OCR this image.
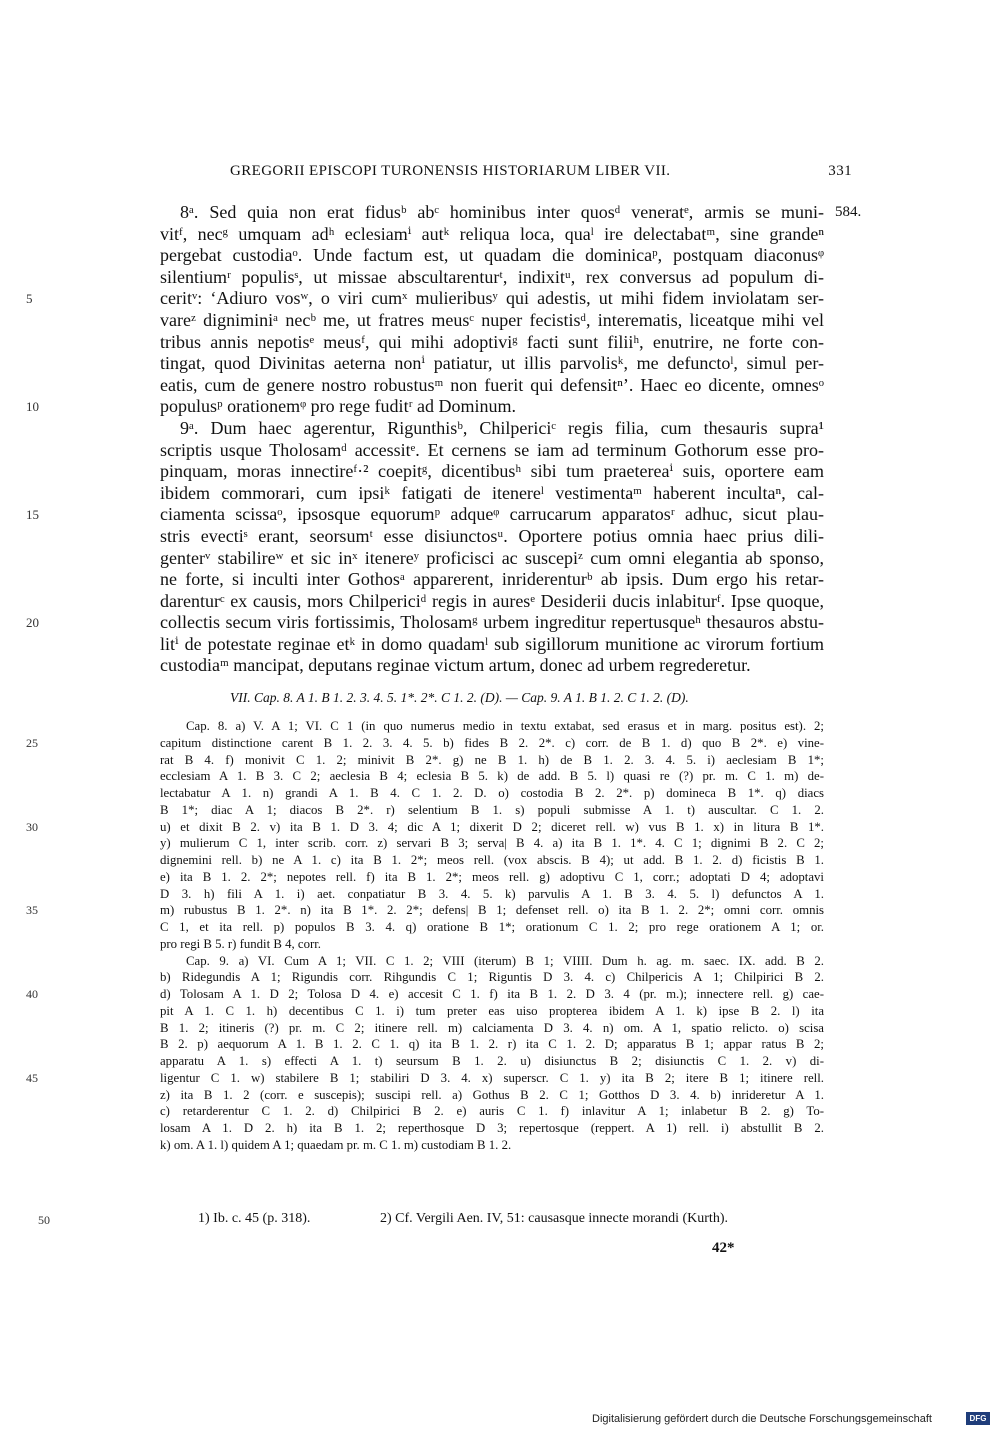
GREGORII EPISCOPI TURONENSIS HISTORIARUM LIBER VII.	331
584.
8ᵃ. Sed quia non erat fidusᵇ abᶜ hominibus inter quosᵈ veneratᵉ, armis se muni-
vitᶠ, necᵍ umquam adʰ eclesiamⁱ autᵏ reliqua loca, quaˡ ire delectabatᵐ, sine grandeⁿ
pergebat custodiaᵒ. Unde factum est, ut quadam die dominicaᵖ, postquam diaconusᵠ
silentiumʳ populisˢ, ut missae abscultarenturᵗ, indixitᵘ, rex conversus ad populum di-
5	ceritᵛ: ʻAdiuro vosʷ, o viri cumˣ mulieribusʸ qui adestis, ut mihi fidem inviolatam ser-
vareᶻ digniminiᵃ necᵇ me, ut fratres meusᶜ nuper fecistisᵈ, interematis, liceatque mihi vel
tribus annis nepotisᵉ meusᶠ, qui mihi adoptiviᵍ facti sunt filiiʰ, enutrire, ne forte con-
tingat, quod Divinitas aeterna nonⁱ patiatur, ut illis parvolisᵏ, me defunctoˡ, simul per-
eatis, cum de genere nostro robustusᵐ non fuerit qui defensitⁿʼ. Haec eo dicente, omnesᵒ
10	populusᵖ orationemᵠ pro rege fuditʳ ad Dominum.
9ᵃ. Dum haec agerentur, Rigunthisᵇ, Chilpericiᶜ regis filia, cum thesauris supra¹
scriptis usque Tholosamᵈ accessitᵉ. Et cernens se iam ad terminum Gothorum esse pro-
pinquam, moras innectireᶠ·² coepitᵍ, dicentibusʰ sibi tum praetereaⁱ suis, oportere eam
ibidem commorari, cum ipsiᵏ fatigati de itenereˡ vestimentaᵐ haberent incultaⁿ, cal-
15	ciamenta scissaᵒ, ipsosque equorumᵖ adqueᵠ carrucarum apparatosʳ adhuc, sicut plau-
stris evectiˢ erant, seorsumᵗ esse disiunctosᵘ. Oportere potius omnia haec prius dili-
genterᵛ stabilireʷ et sic inˣ itenereʸ proficisci ac suscepiᶻ cum omni elegantia ab sponso,
ne forte, si inculti inter Gothosᵃ apparerent, inriderenturᵇ ab ipsis. Dum ergo his retar-
darenturᶜ ex causis, mors Chilpericiᵈ regis in auresᵉ Desiderii ducis inlabiturᶠ. Ipse quoque,
20	collectis secum viris fortissimis, Tholosamᵍ urbem ingreditur repertusqueʰ thesauros abstu-
litⁱ de potestate reginae etᵏ in domo quadamˡ sub sigillorum munitione ac virorum fortium
custodiaᵐ mancipat, deputans reginae victum artum, donec ad urbem regrederetur.
VII. Cap. 8. A 1. B 1. 2. 3. 4. 5. 1*. 2*. C 1. 2. (D). — Cap. 9. A 1. B 1. 2. C 1. 2. (D).
Cap. 8. a) V. A 1; VI. C 1 (in quo numerus medio in textu extabat, sed erasus et in marg. positus est). 2;
25	capitum distinctione carent B 1. 2. 3. 4. 5. b) fides B 2. 2*. c) corr. de B 1. d) quo B 2*. e) vine-
rat B 4. f) monivit C 1. 2; minivit B 2*. g) ne B 1. h) de B 1. 2. 3. 4. 5. i) aeclesiam B 1*;
ecclesiam A 1. B 3. C 2; aeclesia B 4; eclesia B 5. k) de add. B 5. l) quasi re (?) pr. m. C 1. m) de-
lectabatur A 1. n) grandi A 1. B 4. C 1. 2. D. o) costodia B 2. 2*. p) domineca B 1*. q) diacs
B 1*; diac A 1; diacos B 2*. r) selentium B 1. s) populi submisse A 1. t) auscultar. C 1. 2.
30	u) et dixit B 2. v) ita B 1. D 3. 4; dic A 1; dixerit D 2; diceret rell. w) vus B 1. x) in litura B 1*.
y) mulierum C 1, inter scrib. corr. z) servari B 3; serva| B 4. a) ita B 1. 1*. 4. C 1; dignimi B 2. C 2;
dignemini rell. b) ne A 1. c) ita B 1. 2*; meos rell. (vox abscis. B 4); ut add. B 1. 2. d) ficistis B 1.
e) ita B 1. 2. 2*; nepotes rell. f) ita B 1. 2*; meos rell. g) adoptivu C 1, corr.; adoptati D 4; adoptavi
D 3. h) fili A 1. i) aet. conpatiatur B 3. 4. 5. k) parvulis A 1. B 3. 4. 5. l) defunctos A 1.
35	m) rubustus B 1. 2*. n) ita B 1*. 2. 2*; defens| B 1; defenset rell. o) ita B 1. 2. 2*; omni corr. omnis
C 1, et ita rell. p) populos B 3. 4. q) oratione B 1*; orationum C 1. 2; pro rege orationem A 1; or.
pro regi B 5. r) fundit B 4, corr.
Cap. 9. a) VI. Cum A 1; VII. C 1. 2; VIII (iterum) B 1; VIIII. Dum h. ag. m. saec. IX. add. B 2.
b) Ridegundis A 1; Rigundis corr. Rihgundis C 1; Riguntis D 3. 4. c) Chilpericis A 1; Chilpirici B 2.
40	d) Tolosam A 1. D 2; Tolosa D 4. e) accesit C 1. f) ita B 1. 2. D 3. 4 (pr. m.); innectere rell. g) cae-
pit A 1. C 1. h) decentibus C 1. i) tum preter eas uiso propterea ibidem A 1. k) ipse B 2. l) ita
B 1. 2; itineris (?) pr. m. C 2; itinere rell. m) calciamenta D 3. 4. n) om. A 1, spatio relicto. o) scisa
B 2. p) aequorum A 1. B 1. 2. C 1. q) ita B 1. 2. r) ita C 1. 2. D; apparatus B 1; appar ratus B 2;
apparatu A 1. s) effecti A 1. t) seursum B 1. 2. u) disiunctus B 2; disiunctis C 1. 2. v) di-
45	ligentur C 1. w) stabilere B 1; stabiliri D 3. 4. x) superscr. C 1. y) ita B 2; itere B 1; itinere rell.
z) ita B 1. 2 (corr. e suscepis); suscipi rell. a) Gothus B 2. C 1; Gotthos D 3. 4. b) inrideretur A 1.
c) retarderentur C 1. 2. d) Chilpirici B 2. e) auris C 1. f) inlavitur A 1; inlabetur B 2. g) To-
losam A 1. D 2. h) ita B 1. 2; reperthosque D 3; repertosque (reppert. A 1) rell. i) abstullit B 2.
k) om. A 1. l) quidem A 1; quaedam pr. m. C 1. m) custodiam B 1. 2.
50	1) Ib. c. 45 (p. 318).	2) Cf. Vergili Aen. IV, 51: causasque innecte morandi (Kurth).
42*
Digitalisierung gefördert durch die Deutsche Forschungsgemeinschaft	DFG
